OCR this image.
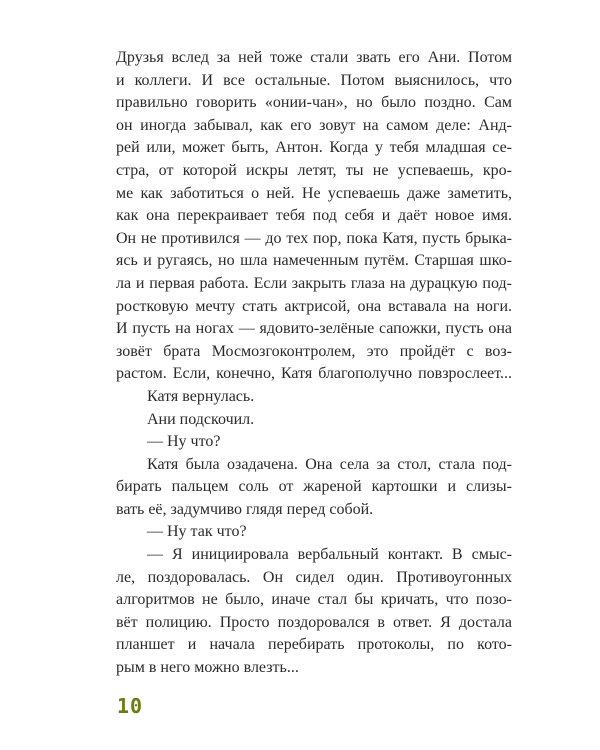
Друзья вслед за ней тоже стали звать его Ани. Потом
и коллеги. И все остальные. Потом выяснилось, что
правильно говорить «онии-чан», но было поздно. Сам
он иногда забывал, как его зовут на самом деле: Анд-
рей или, может быть, Антон. Когда у тебя младшая се-
стра, от которой искры летят, ты не успеваешь, кро-
ме как заботиться о ней. Не успеваешь даже заметить,
как она перекраивает тебя под себя и даёт новое имя.
Он не противился — до тех пор, пока Катя, пусть брыка-
ясь и ругаясь, но шла намеченным путём. Старшая шко-
ла и первая работа. Если закрыть глаза на дурацкую под-
ростковую мечту стать актрисой, она вставала на ноги.
И пусть на ногах — ядовито-зелёные сапожки, пусть она
зовёт брата Мосмозгоконтролем, это пройдёт с воз-
растом. Если, конечно, Катя благополучно повзрослеет...
Катя вернулась.
Ани подскочил.
— Ну что?
Катя была озадачена. Она села за стол, стала под-
бирать пальцем соль от жареной картошки и слизы-
вать её, задумчиво глядя перед собой.
— Ну так что?
— Я инициировала вербальный контакт. В смыс-
ле, поздоровалась. Он сидел один. Противоугонных
алгоритмов не было, иначе стал бы кричать, что позо-
вёт полицию. Просто поздоровался в ответ. Я достала
планшет и начала перебирать протоколы, по кото-
рым в него можно влезть...
10
